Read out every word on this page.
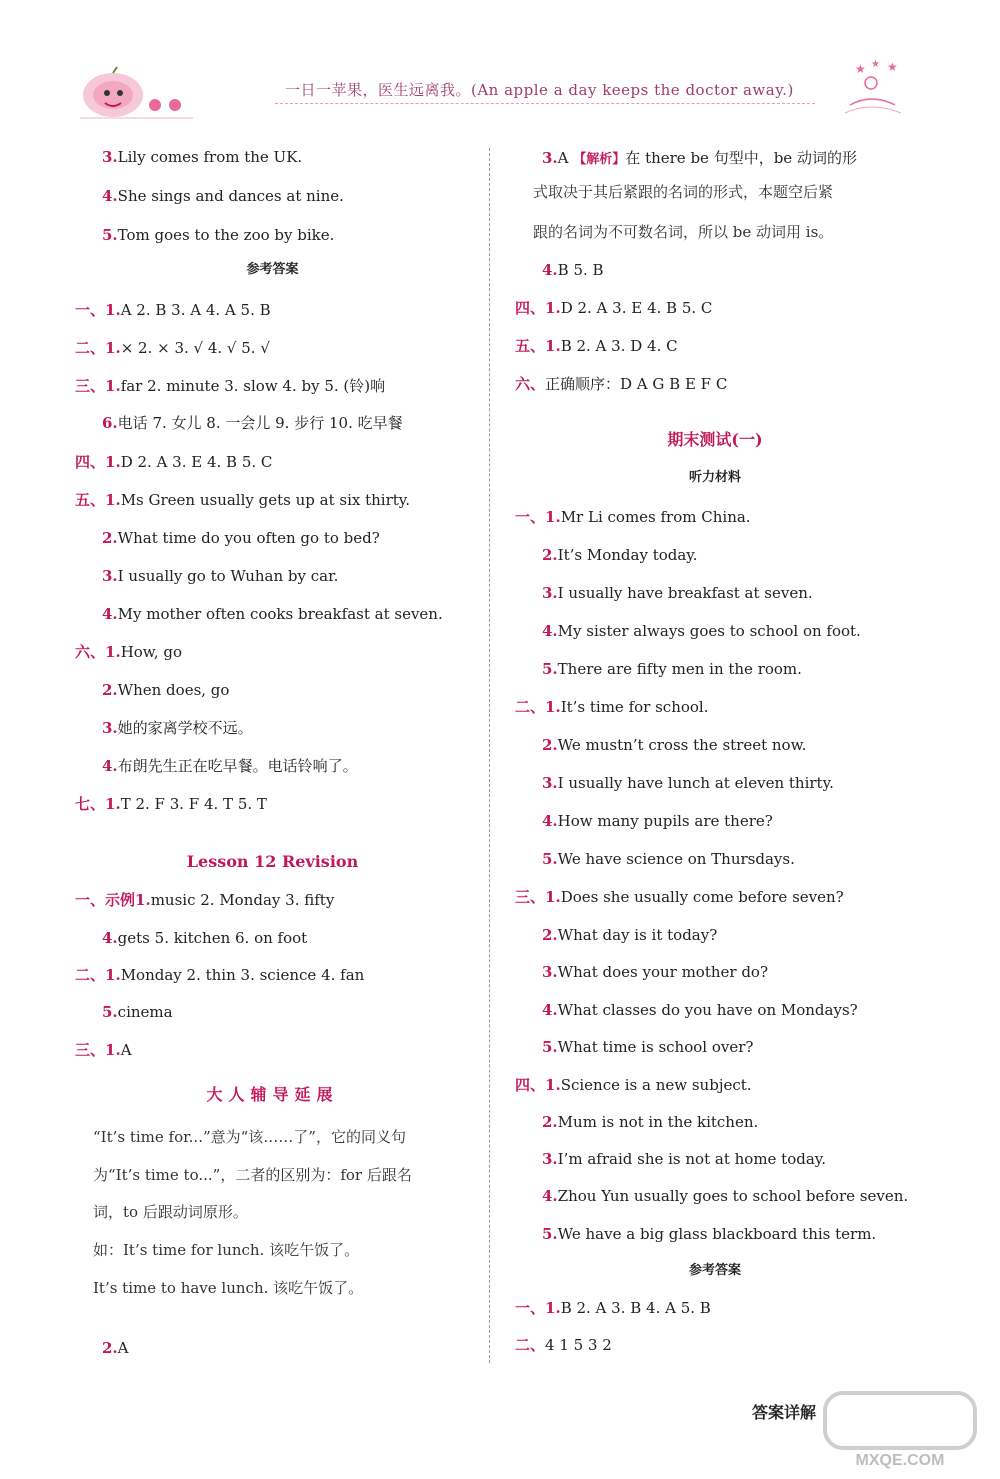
一日一苹果，医生远离我。(An apple a day keeps the doctor away.)
★ ★ ★
3.Lily comes from the UK.
4.She sings and dances at nine.
5.Tom goes to the zoo by bike.
参考答案
一、1.A 2. B 3. A 4. A 5. B
二、1.× 2. × 3. √ 4. √ 5. √
三、1.far 2. minute 3. slow 4. by 5. (铃)响
6.电话 7. 女儿 8. 一会儿 9. 步行 10. 吃早餐
四、1.D 2. A 3. E 4. B 5. C
五、1.Ms Green usually gets up at six thirty.
2.What time do you often go to bed?
3.I usually go to Wuhan by car.
4.My mother often cooks breakfast at seven.
六、1.How, go
2.When does, go
3.她的家离学校不远。
4.布朗先生正在吃早餐。电话铃响了。
七、1.T 2. F 3. F 4. T 5. T
Lesson 12 Revision
一、示例1.music 2. Monday 3. fifty
4.gets 5. kitchen 6. on foot
二、1.Monday 2. thin 3. science 4. fan
5.cinema
三、1.A
大人辅导延展
“It’s time for...”意为“该……了”，它的同义句
为“It’s time to...”，二者的区别为：for 后跟名
词，to 后跟动词原形。
如：It’s time for lunch. 该吃午饭了。
It’s time to have lunch. 该吃午饭了。
2.A
3.A 【解析】在 there be 句型中，be 动词的形
式取决于其后紧跟的名词的形式，本题空后紧
跟的名词为不可数名词，所以 be 动词用 is。
4.B 5. B
四、1.D 2. A 3. E 4. B 5. C
五、1.B 2. A 3. D 4. C
六、正确顺序：D A G B E F C
期末测试(一)
听力材料
一、1.Mr Li comes from China.
2.It’s Monday today.
3.I usually have breakfast at seven.
4.My sister always goes to school on foot.
5.There are fifty men in the room.
二、1.It’s time for school.
2.We mustn’t cross the street now.
3.I usually have lunch at eleven thirty.
4.How many pupils are there?
5.We have science on Thursdays.
三、1.Does she usually come before seven?
2.What day is it today?
3.What does your mother do?
4.What classes do you have on Mondays?
5.What time is school over?
四、1.Science is a new subject.
2.Mum is not in the kitchen.
3.I’m afraid she is not at home today.
4.Zhou Yun usually goes to school before seven.
5.We have a big glass blackboard this term.
参考答案
一、1.B 2. A 3. B 4. A 5. B
二、4 1 5 3 2
答案详解
MXQE.COM
